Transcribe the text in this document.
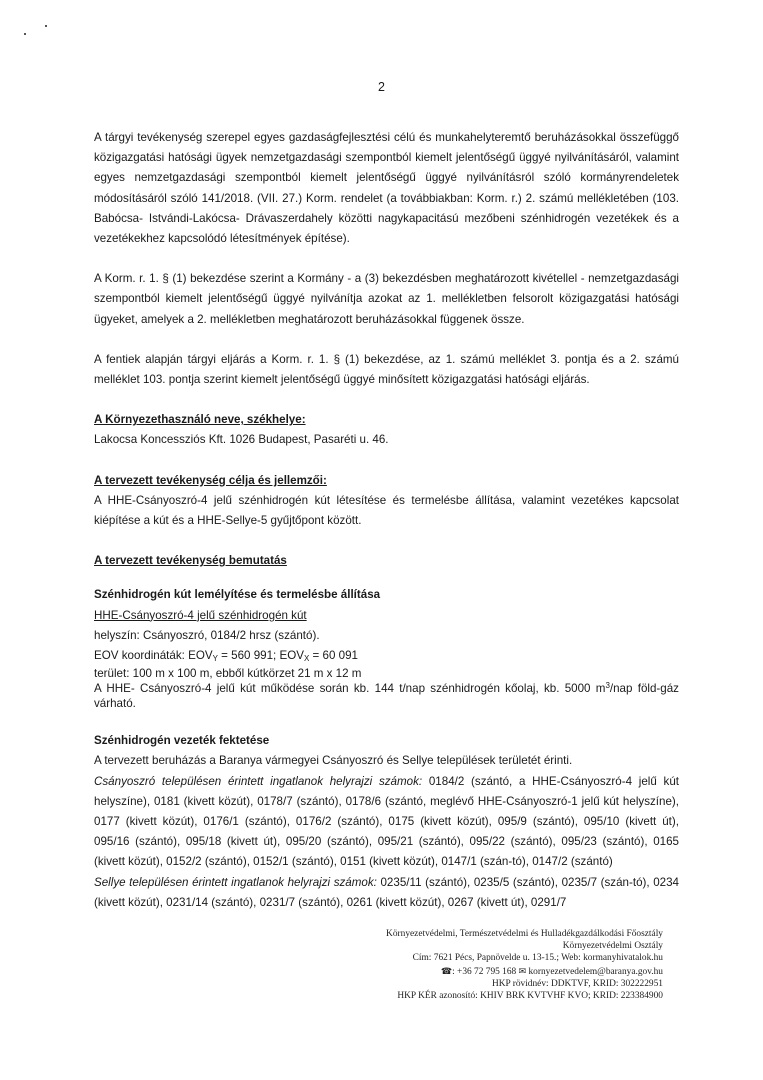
2

A tárgyi tevékenység szerepel egyes gazdaságfejlesztési célú és munkahelyteremtő beruházásokkal összefüggő közigazgatási hatósági ügyek nemzetgazdasági szempontból kiemelt jelentőségű üggyé nyilvánításáról, valamint egyes nemzetgazdasági szempontból kiemelt jelentőségű üggyé nyilvánításról szóló kormányrendeletek módosításáról szóló 141/2018. (VII. 27.) Korm. rendelet (a továbbiakban: Korm. r.) 2. számú mellékletében (103. Babócsa- Istvándi-Lakócsa- Drávaszerdahely közötti nagykapacitású mezőbeni szénhidrogén vezetékek és a vezetékekhez kapcsolódó létesítmények építése).

A Korm. r. 1. § (1) bekezdése szerint a Kormány - a (3) bekezdésben meghatározott kivétellel - nemzetgazdasági szempontból kiemelt jelentőségű üggyé nyilvánítja azokat az 1. mellékletben felsorolt közigazgatási hatósági ügyeket, amelyek a 2. mellékletben meghatározott beruházásokkal függenek össze.

A fentiek alapján tárgyi eljárás a Korm. r. 1. § (1) bekezdése, az 1. számú melléklet 3. pontja és a 2. számú melléklet 103. pontja szerint kiemelt jelentőségű üggyé minősített közigazgatási hatósági eljárás.

A Környezethasználó neve, székhelye:

Lakocsa Koncessziós Kft. 1026 Budapest, Pasaréti u. 46.

A tervezett tevékenység célja és jellemzői:

A HHE-Csányoszró-4 jelű szénhidrogén kút létesítése és termelésbe állítása, valamint vezetékes kapcsolat kiépítése a kút és a HHE-Sellye-5 gyűjtőpont között.

A tervezett tevékenység bemutatás

Szénhidrogén kút lemélyítése és termelésbe állítása

HHE-Csányoszró-4 jelű szénhidrogén kút

helyszín: Csányoszró, 0184/2 hrsz (szántó).

EOV koordináták: $EOV_Y = 560$ 991; $EOV_X = 60$ 091

terület: 100 m x 100 m, ebből kútkörzet 21 m x 12 m

A HHE- Csányoszró-4 jelű kút működése során kb. 144 t/nap szénhidrogén kőolaj, kb. 5000 $m^3$/nap föld-gáz várható.

Szénhidrogén vezeték fektetése

A tervezett beruházás a Baranya vármegyei Csányoszró és Sellye települések területét érinti.

Csányoszró településen érintett ingatlanok helyrajzi számok: 0184/2 (szántó, a HHE-Csányoszró-4 jelű kút helyszíne), 0181 (kivett közút), 0178/7 (szántó), 0178/6 (szántó, meglévő HHE-Csányoszró-1 jelű kút helyszíne), 0177 (kivett közút), 0176/1 (szántó), 0176/2 (szántó), 0175 (kivett közút), 095/9 (szántó), 095/10 (kivett út), 095/16 (szántó), 095/18 (kivett út), 095/20 (szántó), 095/21 (szántó), 095/22 (szántó), 095/23 (szántó), 0165 (kivett közút), 0152/2 (szántó), 0152/1 (szántó), 0151 (kivett közút), 0147/1 (szán-tó), 0147/2 (szántó)

Sellye településen érintett ingatlanok helyrajzi számok: 0235/11 (szántó), 0235/5 (szántó), 0235/7 (szán-tó), 0234 (kivett közút), 0231/14 (szántó), 0231/7 (szántó), 0261 (kivett közút), 0267 (kivett út), 0291/7

Környezetvédelmi, Természetvédelmi és Hulladékgazdálkodási Főosztály
Környezetvédelmi Osztály
Cím: 7621 Pécs, Papnövelde u. 13-15.; Web: kormanyhivatalok.hu
☎: +36 72 795 168 ✉ kornyezetvedelem@baranya.gov.hu
HKP rövidnév: DDKTVF, KRID: 302222951
HKP KÉR azonosító: KHIV BRK KVTVHF KVO; KRID: 223384900
